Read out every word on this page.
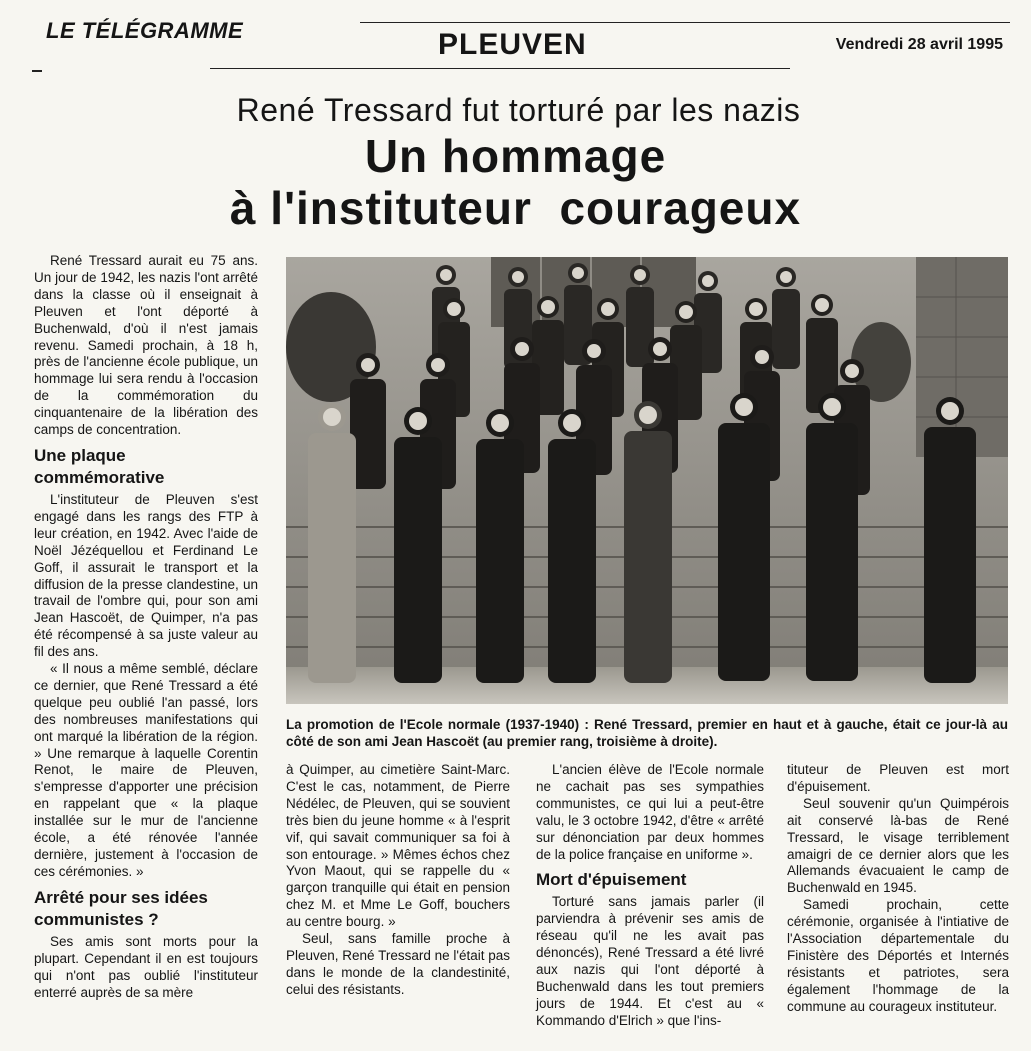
LE TÉLÉGRAMME	PLEUVEN	Vendredi 28 avril 1995
René Tressard fut torturé par les nazis
Un hommage
à l'instituteur  courageux

René Tressard aurait eu 75 ans. Un jour de 1942, les nazis l'ont arrêté dans la classe où il enseignait à Pleuven et l'ont déporté à Buchenwald, d'où il n'est jamais revenu. Samedi prochain, à 18 h, près de l'ancienne école publique, un hommage lui sera rendu à l'occasion de la commémoration du cinquantenaire de la libération des camps de concentration.

Une plaque commémorative

L'instituteur de Pleuven s'est engagé dans les rangs des FTP à leur création, en 1942. Avec l'aide de Noël Jézéquellou et Ferdinand Le Goff, il assurait le transport et la diffusion de la presse clandestine, un travail de l'ombre qui, pour son ami Jean Hascoët, de Quimper, n'a pas été récompensé à sa juste valeur au fil des ans.

« Il nous a même semblé, déclare ce dernier, que René Tressard a été quelque peu oublié l'an passé, lors des nombreuses manifestations qui ont marqué la libération de la région. » Une remarque à laquelle Corentin Renot, le maire de Pleuven, s'empresse d'apporter une précision en rappelant que « la plaque installée sur le mur de l'ancienne école, a été rénovée l'année dernière, justement à l'occasion de ces cérémonies. »

Arrêté pour ses idées communistes ?

Ses amis sont morts pour la plupart. Cependant il en est toujours qui n'ont pas oublié l'instituteur enterré auprès de sa mère

La promotion de l'Ecole normale (1937-1940) : René Tressard, premier en haut et à gauche, était ce jour-là au côté de son ami Jean Hascoët (au premier rang, troisième à droite).

à Quimper, au cimetière Saint-Marc. C'est le cas, notamment, de Pierre Nédélec, de Pleuven, qui se souvient très bien du jeune homme « à l'esprit vif, qui savait communiquer sa foi à son entourage. » Mêmes échos chez Yvon Maout, qui se rappelle du « garçon tranquille qui était en pension chez M. et Mme Le Goff, bouchers au centre bourg. »

Seul, sans famille proche à Pleuven, René Tressard ne l'était pas dans le monde de la clandestinité, celui des résistants.

L'ancien élève de l'Ecole normale ne cachait pas ses sympathies communistes, ce qui lui a peut-être valu, le 3 octobre 1942, d'être « arrêté sur dénonciation par deux hommes de la police française en uniforme ».

Mort d'épuisement

Torturé sans jamais parler (il parviendra à prévenir ses amis de réseau qu'il ne les avait pas dénoncés), René Tressard a été livré aux nazis qui l'ont déporté à Buchenwald dans les tout premiers jours de 1944. Et c'est au « Kommando d'Elrich » que l'ins-

tituteur de Pleuven est mort d'épuisement.

Seul souvenir qu'un Quimpérois ait conservé là-bas de René Tressard, le visage terriblement amaigri de ce dernier alors que les Allemands évacuaient le camp de Buchenwald en 1945.

Samedi prochain, cette cérémonie, organisée à l'intiative de l'Association départementale du Finistère des Déportés et Internés résistants et patriotes, sera également l'hommage de la commune au courageux instituteur.
